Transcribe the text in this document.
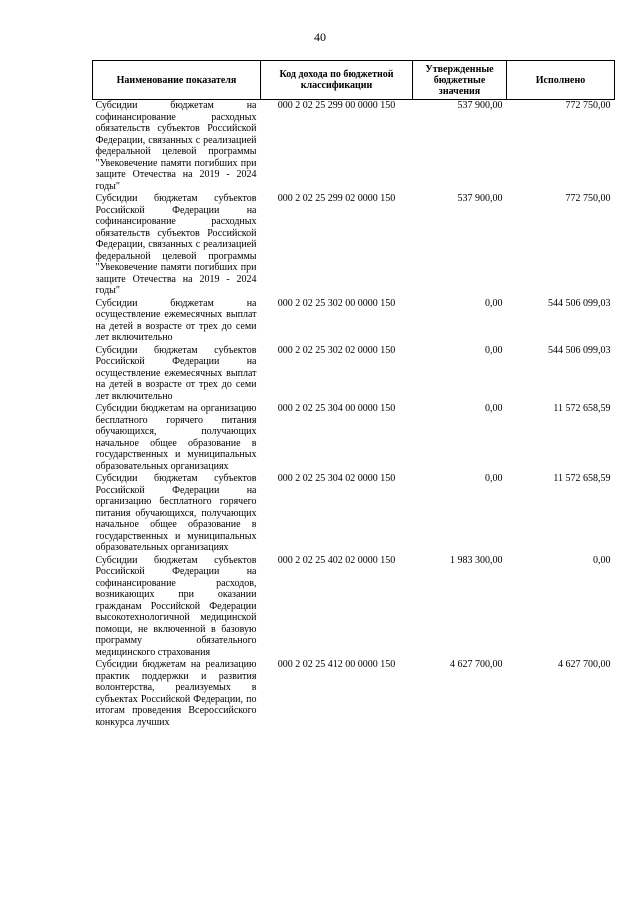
40
Наименование показателя	Код дохода по бюджетной классификации	Утвержденные бюджетные значения	Исполнено
Субсидии бюджетам на софинансирование расходных обязательств субъектов Российской Федерации, связанных с реализацией федеральной целевой программы "Увековечение памяти погибших при защите Отечества на 2019 - 2024 годы"	000 2 02 25 299 00 0000 150	537 900,00	772 750,00
Субсидии бюджетам субъектов Российской Федерации на софинансирование расходных обязательств субъектов Российской Федерации, связанных с реализацией федеральной целевой программы "Увековечение памяти погибших при защите Отечества на 2019 - 2024 годы"	000 2 02 25 299 02 0000 150	537 900,00	772 750,00
Субсидии бюджетам на осуществление ежемесячных выплат на детей в возрасте от трех до семи лет включительно	000 2 02 25 302 00 0000 150	0,00	544 506 099,03
Субсидии бюджетам субъектов Российской Федерации на осуществление ежемесячных выплат на детей в возрасте от трех до семи лет включительно	000 2 02 25 302 02 0000 150	0,00	544 506 099,03
Субсидии бюджетам на организацию бесплатного горячего питания обучающихся, получающих начальное общее образование в государственных и муниципальных образовательных организациях	000 2 02 25 304 00 0000 150	0,00	11 572 658,59
Субсидии бюджетам субъектов Российской Федерации на организацию бесплатного горячего питания обучающихся, получающих начальное общее образование в государственных и муниципальных образовательных организациях	000 2 02 25 304 02 0000 150	0,00	11 572 658,59
Субсидии бюджетам субъектов Российской Федерации на софинансирование расходов, возникающих при оказании гражданам Российской Федерации высокотехнологичной медицинской помощи, не включенной в базовую программу обязательного медицинского страхования	000 2 02 25 402 02 0000 150	1 983 300,00	0,00
Субсидии бюджетам на реализацию практик поддержки и развития волонтерства, реализуемых в субъектах Российской Федерации, по итогам проведения Всероссийского конкурса лучших	000 2 02 25 412 00 0000 150	4 627 700,00	4 627 700,00
